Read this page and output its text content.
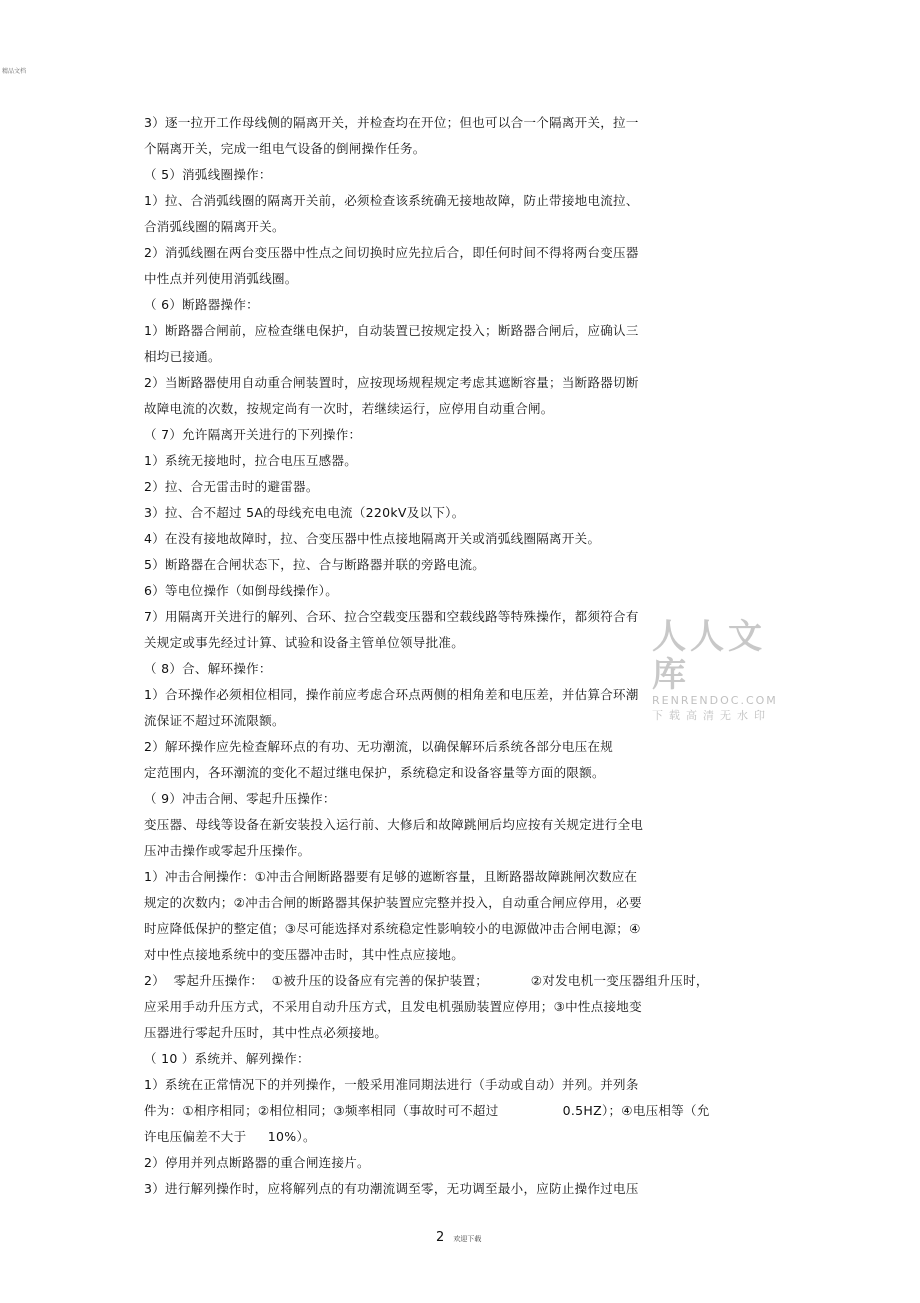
精品文档
3）逐一拉开工作母线侧的隔离开关，并检查均在开位；但也可以合一个隔离开关，拉一
个隔离开关，完成一组电气设备的倒闸操作任务。
（ 5）消弧线圈操作：
1）拉、合消弧线圈的隔离开关前，必须检查该系统确无接地故障，防止带接地电流拉、
合消弧线圈的隔离开关。
2）消弧线圈在两台变压器中性点之间切换时应先拉后合，即任何时间不得将两台变压器
中性点并列使用消弧线圈。
（ 6）断路器操作：
1）断路器合闸前，应检查继电保护，自动装置已按规定投入；断路器合闸后，应确认三
相均已接通。
2）当断路器使用自动重合闸装置时，应按现场规程规定考虑其遮断容量；当断路器切断
故障电流的次数，按规定尚有一次时，若继续运行，应停用自动重合闸。
（ 7）允许隔离开关进行的下列操作：
1）系统无接地时，拉合电压互感器。
2）拉、合无雷击时的避雷器。
3）拉、合不超过 5A的母线充电电流（220kV及以下）。
4）在没有接地故障时，拉、合变压器中性点接地隔离开关或消弧线圈隔离开关。
5）断路器在合闸状态下，拉、合与断路器并联的旁路电流。
6）等电位操作（如倒母线操作）。
7）用隔离开关进行的解列、合环、拉合空载变压器和空载线路等特殊操作，都须符合有
关规定或事先经过计算、试验和设备主管单位领导批准。
（ 8）合、解环操作：
1）合环操作必须相位相同，操作前应考虑合环点两侧的相角差和电压差，并估算合环潮
流保证不超过环流限额。
2）解环操作应先检查解环点的有功、无功潮流，以确保解环后系统各部分电压在规
定范围内，各环潮流的变化不超过继电保护，系统稳定和设备容量等方面的限额。
（ 9）冲击合闸、零起升压操作：
变压器、母线等设备在新安装投入运行前、大修后和故障跳闸后均应按有关规定进行全电
压冲击操作或零起升压操作。
1）冲击合闸操作：①冲击合闸断路器要有足够的遮断容量，且断路器故障跳闸次数应在
规定的次数内；②冲击合闸的断路器其保护装置应完整并投入，自动重合闸应停用，必要
时应降低保护的整定值；③尽可能选择对系统稳定性影响较小的电源做冲击合闸电源；④
对中性点接地系统中的变压器冲击时，其中性点应接地。
2）  零起升压操作：  ①被升压的设备应有完善的保护装置；          ②对发电机一变压器组升压时，
应采用手动升压方式，不采用自动升压方式，且发电机强励装置应停用；③中性点接地变
压器进行零起升压时，其中性点必须接地。
（ 10 ）系统并、解列操作：
1）系统在正常情况下的并列操作，一般采用准同期法进行（手动或自动）并列。并列条
件为：①相序相同；②相位相同；③频率相同（事故时可不超过               0.5HZ）；④电压相等（允
许电压偏差不大于     10%）。
2）停用并列点断路器的重合闸连接片。
3）进行解列操作时，应将解列点的有功潮流调至零，无功调至最小，应防止操作过电压
人人文库
RENRENDOC.COM
下载高清无水印
2 欢迎下载
